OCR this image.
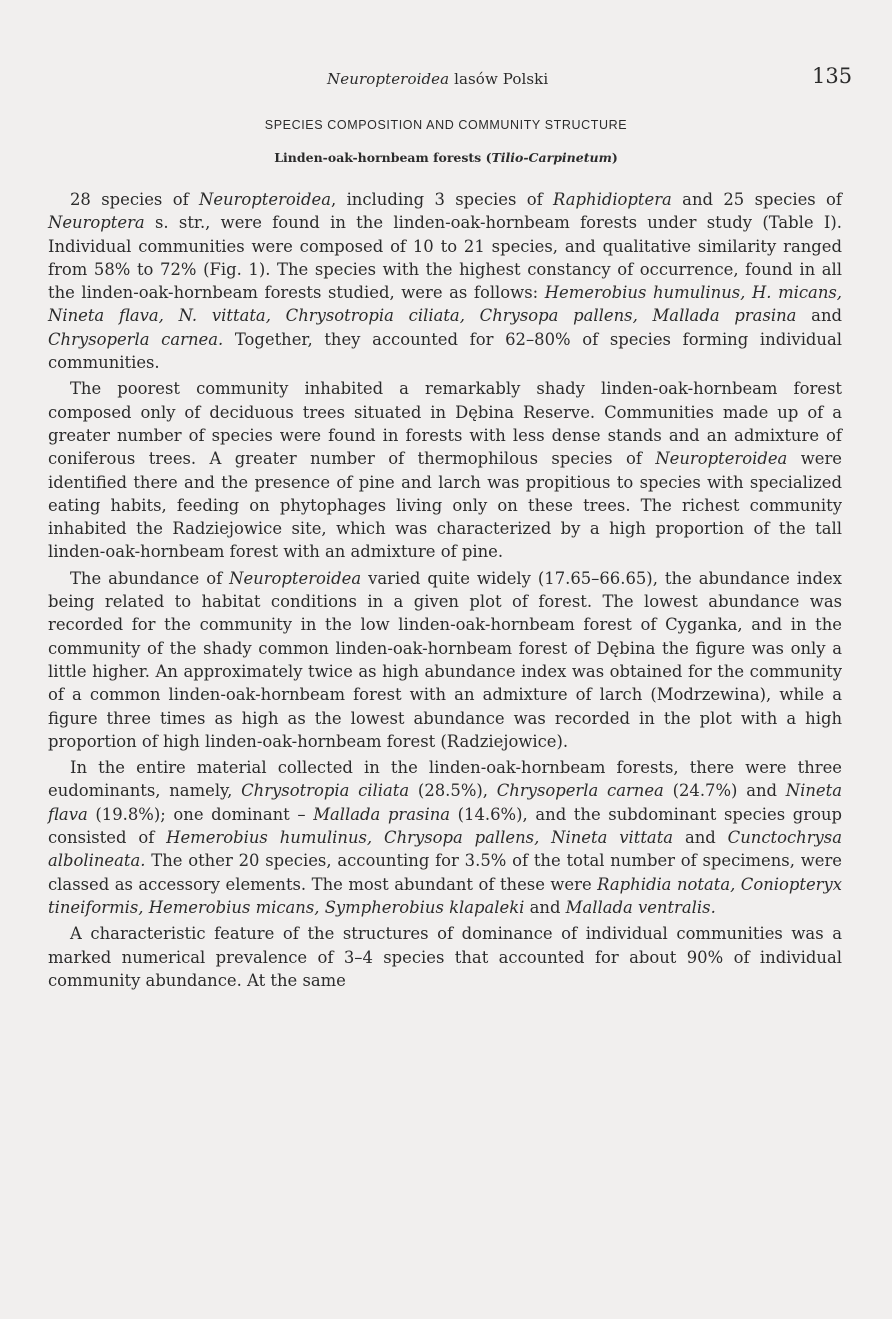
Neuropteroidea lasów Polski	135
SPECIES COMPOSITION AND COMMUNITY STRUCTURE
Linden-oak-hornbeam forests (Tilio-Carpinetum)

28 species of Neuropteroidea, including 3 species of Raphidioptera and 25 species of Neuroptera s. str., were found in the linden-oak-hornbeam forests under study (Table I). Individual communities were composed of 10 to 21 species, and qualitative similarity ranged from 58% to 72% (Fig. 1). The species with the highest constancy of occurrence, found in all the linden-oak-hornbeam forests studied, were as follows: Hemerobius humulinus, H. micans, Nineta flava, N. vittata, Chrysotropia ciliata, Chrysopa pallens, Mallada prasina and Chrysoperla carnea. Together, they accounted for 62–80% of species forming individual communities.

The poorest community inhabited a remarkably shady linden-oak-hornbeam forest composed only of deciduous trees situated in Dębina Reserve. Communities made up of a greater number of species were found in forests with less dense stands and an admixture of coniferous trees. A greater number of thermophilous species of Neuropteroidea were identified there and the presence of pine and larch was propitious to species with specialized eating habits, feeding on phytophages living only on these trees. The richest community inhabited the Radziejowice site, which was characterized by a high proportion of the tall linden-oak-hornbeam forest with an admixture of pine.

The abundance of Neuropteroidea varied quite widely (17.65–66.65), the abundance index being related to habitat conditions in a given plot of forest. The lowest abundance was recorded for the community in the low linden-oak-hornbeam forest of Cyganka, and in the community of the shady common linden-oak-hornbeam forest of Dębina the figure was only a little higher. An approximately twice as high abundance index was obtained for the community of a common linden-oak-hornbeam forest with an admixture of larch (Modrzewina), while a figure three times as high as the lowest abundance was recorded in the plot with a high proportion of high linden-oak-hornbeam forest (Radziejowice).

In the entire material collected in the linden-oak-hornbeam forests, there were three eudominants, namely, Chrysotropia ciliata (28.5%), Chrysoperla carnea (24.7%) and Nineta flava (19.8%); one dominant – Mallada prasina (14.6%), and the subdominant species group consisted of Hemerobius humulinus, Chrysopa pallens, Nineta vittata and Cunctochrysa albolineata. The other 20 species, accounting for 3.5% of the total number of specimens, were classed as accessory elements. The most abundant of these were Raphidia notata, Coniopteryx tineiformis, Hemerobius micans, Sympherobius klapaleki and Mallada ventralis.

A characteristic feature of the structures of dominance of individual communities was a marked numerical prevalence of 3–4 species that accounted for about 90% of individual community abundance. At the same
